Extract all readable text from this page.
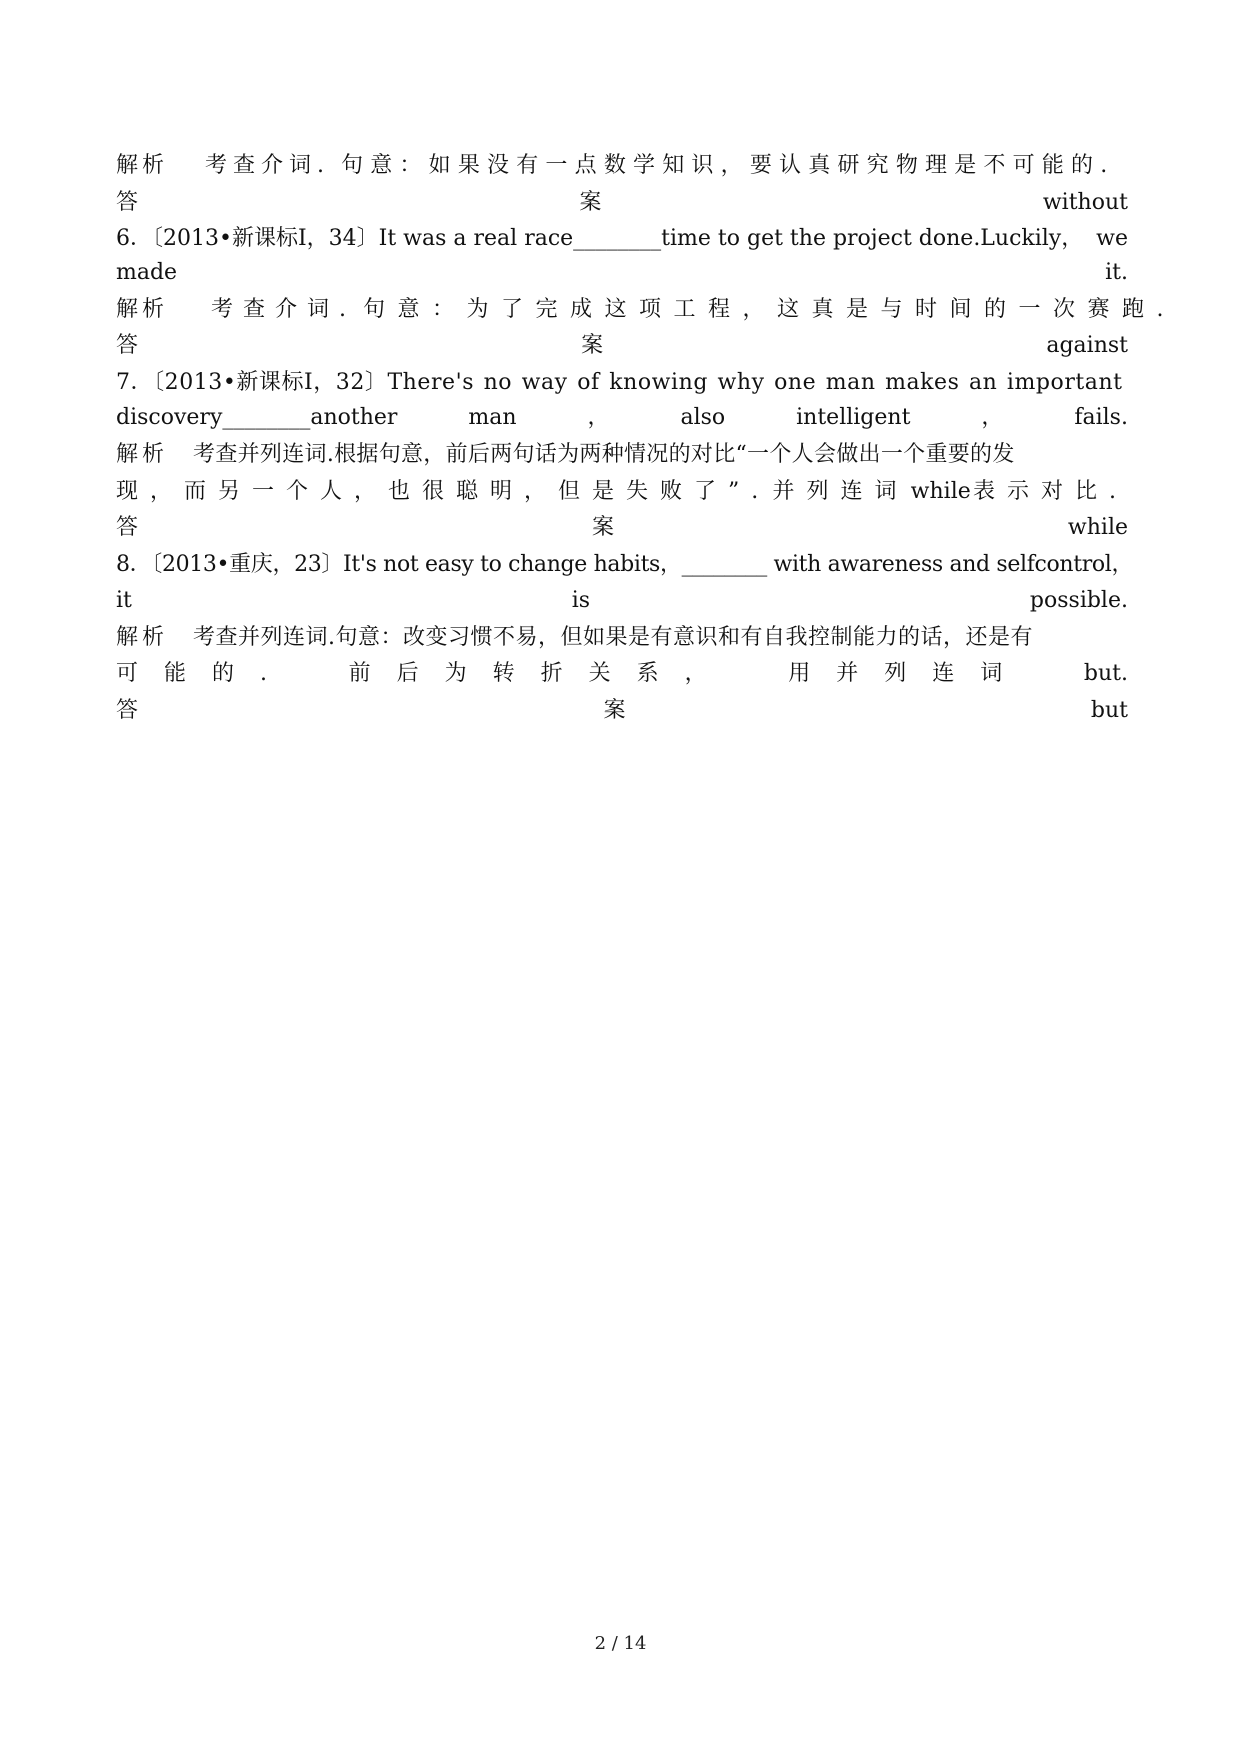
解析 考查介词. 句意：如果没有一点数学知识，要认真研究物理是不可能的.
答	案	without
6．〔2013•新课标Ⅰ，34〕It was a real race________time to get the project done.Luckily， we
made	it.
解析 考查介词. 句意：为了完成这项工程，这真是与时间的一次赛跑.
答	案	against
7．〔2013•新课标Ⅰ，32〕There's no way of knowing why one man makes an important
discovery________another	man	，	also	intelligent	，	fails.
解析 考查并列连词.根据句意，前后两句话为两种情况的对比“一个人会做出一个重要的发
现，而另一个人，也很聪明，但是失败了”. 并列连词 while 表示对比.
答	案	while
8．〔2013•重庆，23〕It's not easy to change habits，________ with awareness and selfcontrol，
it	is	possible.
解析 考查并列连词.句意：改变习惯不易，但如果是有意识和有自我控制能力的话，还是有
可能的.	前后为转折关系，	用并列连词	but.
答	案	but
2 / 14
